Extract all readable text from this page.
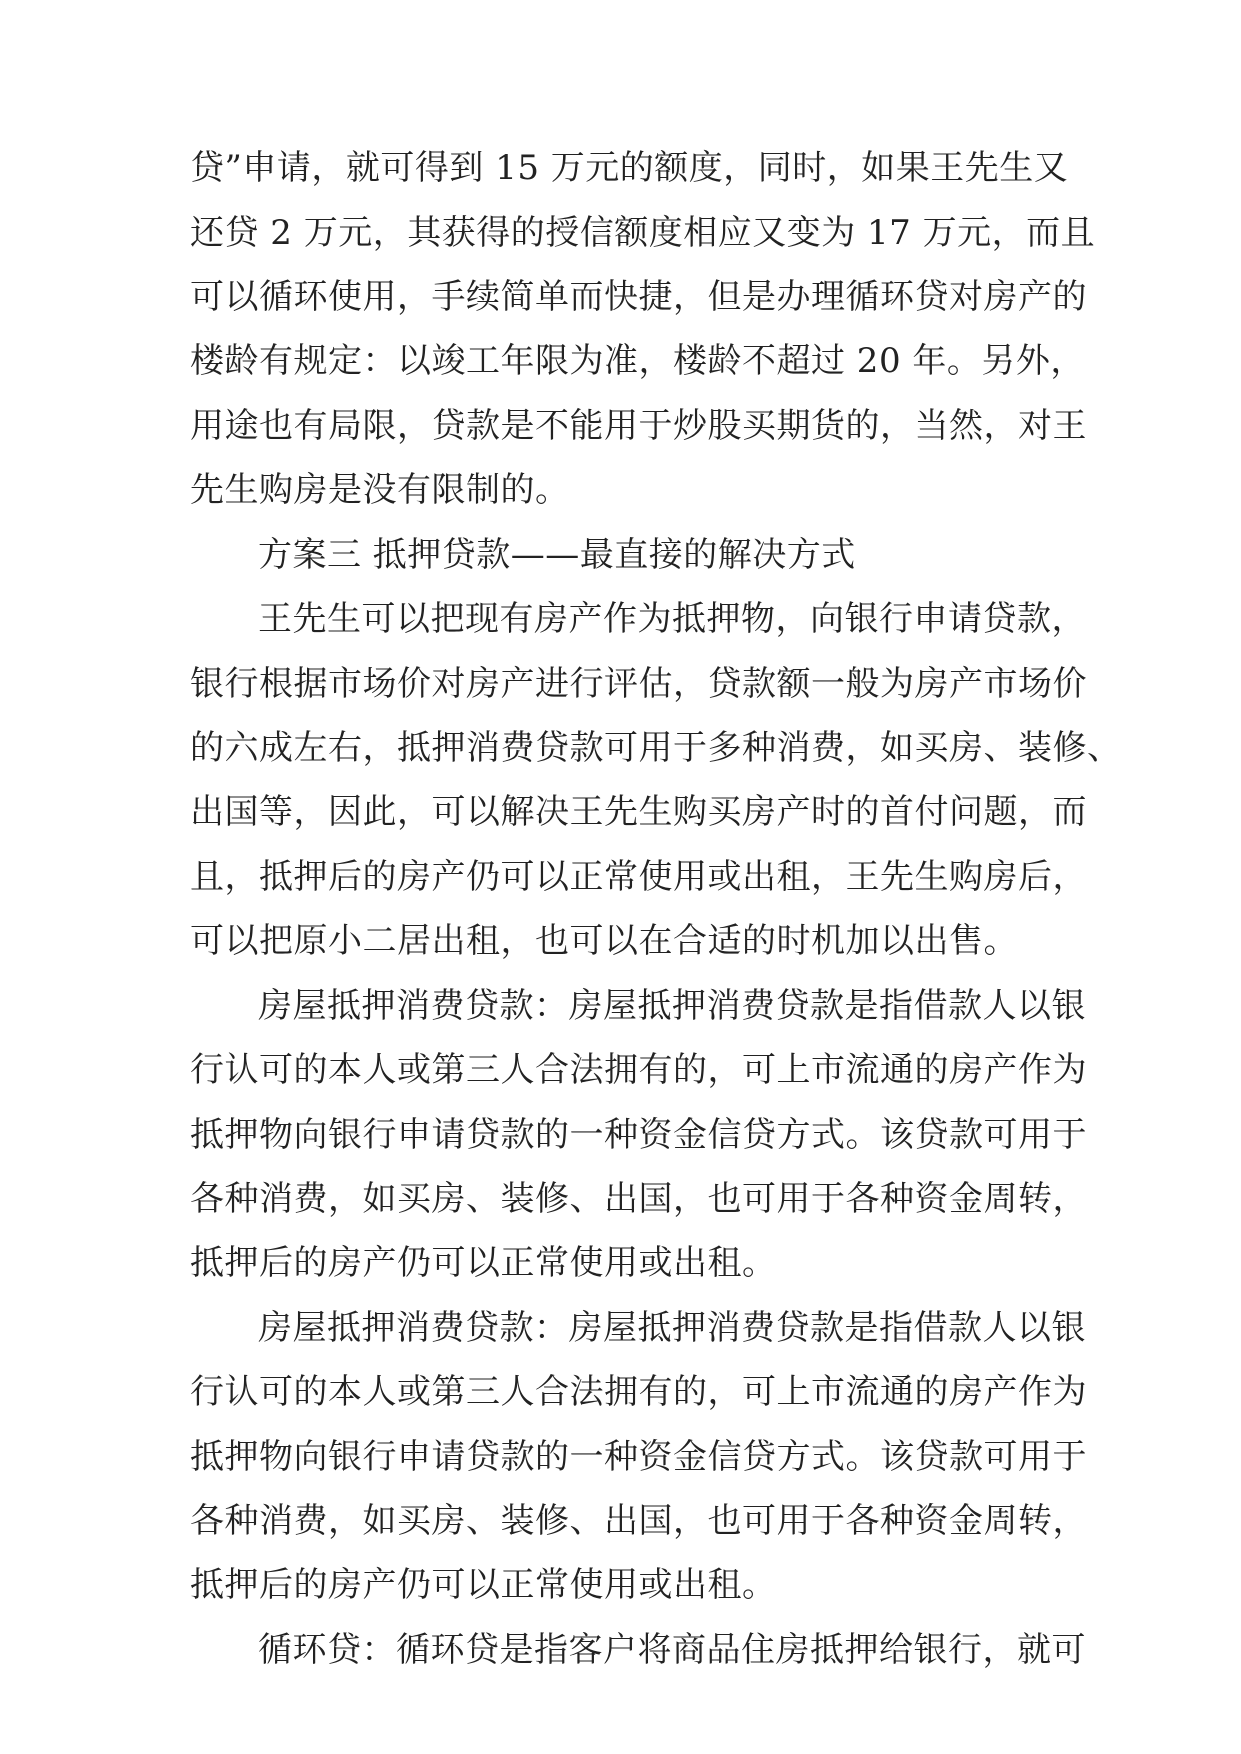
贷”申请，就可得到 15 万元的额度，同时，如果王先生又
还贷 2 万元，其获得的授信额度相应又变为 17 万元，而且
可以循环使用，手续简单而快捷，但是办理循环贷对房产的
楼龄有规定：以竣工年限为准，楼龄不超过 20 年。另外，
用途也有局限，贷款是不能用于炒股买期货的，当然，对王
先生购房是没有限制的。
方案三 抵押贷款——最直接的解决方式
王先生可以把现有房产作为抵押物，向银行申请贷款，
银行根据市场价对房产进行评估，贷款额一般为房产市场价
的六成左右，抵押消费贷款可用于多种消费，如买房、装修、
出国等，因此，可以解决王先生购买房产时的首付问题，而
且，抵押后的房产仍可以正常使用或出租，王先生购房后，
可以把原小二居出租，也可以在合适的时机加以出售。
房屋抵押消费贷款：房屋抵押消费贷款是指借款人以银
行认可的本人或第三人合法拥有的，可上市流通的房产作为
抵押物向银行申请贷款的一种资金信贷方式。该贷款可用于
各种消费，如买房、装修、出国，也可用于各种资金周转，
抵押后的房产仍可以正常使用或出租。
房屋抵押消费贷款：房屋抵押消费贷款是指借款人以银
行认可的本人或第三人合法拥有的，可上市流通的房产作为
抵押物向银行申请贷款的一种资金信贷方式。该贷款可用于
各种消费，如买房、装修、出国，也可用于各种资金周转，
抵押后的房产仍可以正常使用或出租。
循环贷：循环贷是指客户将商品住房抵押给银行，就可
